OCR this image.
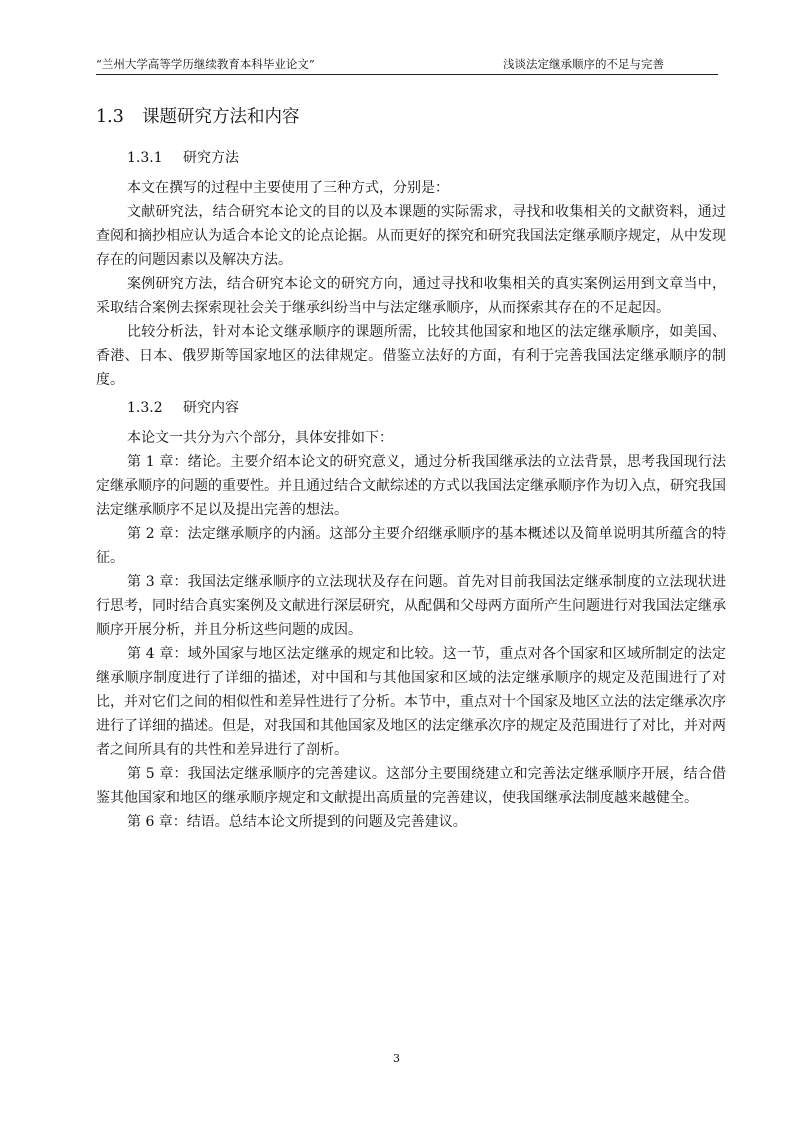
“兰州大学高等学历继续教育本科毕业论文”	浅谈法定继承顺序的不足与完善
1.3 课题研究方法和内容
1.3.1 研究方法

本文在撰写的过程中主要使用了三种方式，分别是：

文献研究法，结合研究本论文的目的以及本课题的实际需求，寻找和收集相关的文献资料，通过查阅和摘抄相应认为适合本论文的论点论据。从而更好的探究和研究我国法定继承顺序规定，从中发现存在的问题因素以及解决方法。

案例研究方法，结合研究本论文的研究方向，通过寻找和收集相关的真实案例运用到文章当中，采取结合案例去探索现社会关于继承纠纷当中与法定继承顺序，从而探索其存在的不足起因。

比较分析法，针对本论文继承顺序的课题所需，比较其他国家和地区的法定继承顺序，如美国、香港、日本、俄罗斯等国家地区的法律规定。借鉴立法好的方面，有利于完善我国法定继承顺序的制度。

1.3.2 研究内容

本论文一共分为六个部分，具体安排如下：

第 1 章：绪论。主要介绍本论文的研究意义，通过分析我国继承法的立法背景，思考我国现行法定继承顺序的问题的重要性。并且通过结合文献综述的方式以我国法定继承顺序作为切入点，研究我国法定继承顺序不足以及提出完善的想法。

第 2 章：法定继承顺序的内涵。这部分主要介绍继承顺序的基本概述以及简单说明其所蕴含的特征。

第 3 章：我国法定继承顺序的立法现状及存在问题。首先对目前我国法定继承制度的立法现状进行思考，同时结合真实案例及文献进行深层研究，从配偶和父母两方面所产生问题进行对我国法定继承顺序开展分析，并且分析这些问题的成因。

第 4 章：域外国家与地区法定继承的规定和比较。这一节，重点对各个国家和区域所制定的法定继承顺序制度进行了详细的描述，对中国和与其他国家和区域的法定继承顺序的规定及范围进行了对比，并对它们之间的相似性和差异性进行了分析。本节中，重点对十个国家及地区立法的法定继承次序进行了详细的描述。但是，对我国和其他国家及地区的法定继承次序的规定及范围进行了对比，并对两者之间所具有的共性和差异进行了剖析。

第 5 章：我国法定继承顺序的完善建议。这部分主要围绕建立和完善法定继承顺序开展，结合借鉴其他国家和地区的继承顺序规定和文献提出高质量的完善建议，使我国继承法制度越来越健全。

第 6 章：结语。总结本论文所提到的问题及完善建议。

3
